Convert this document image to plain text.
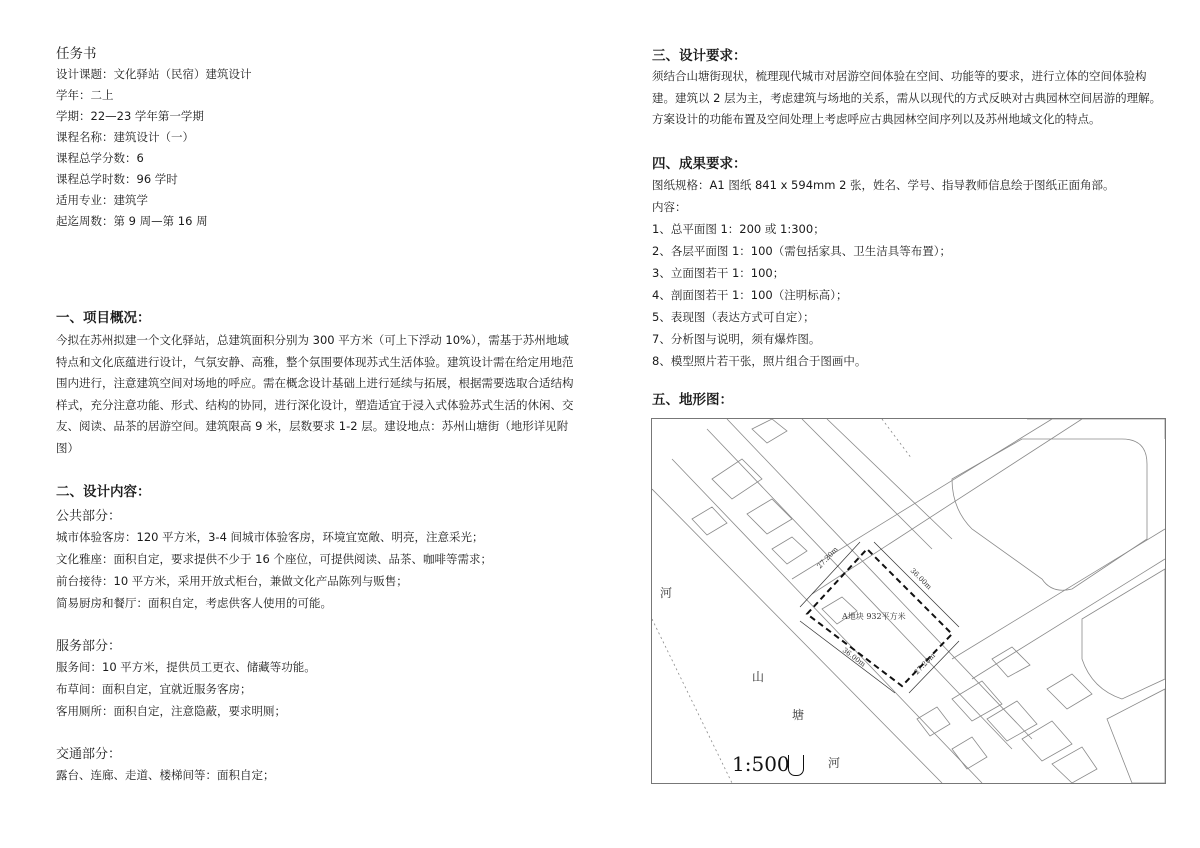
任务书
设计课题：文化驿站（民宿）建筑设计
学年：二上
学期：22—23 学年第一学期
课程名称：建筑设计（一）
课程总学分数：6
课程总学时数：96 学时
适用专业：建筑学
起迄周数：第 9 周—第 16 周
一、项目概况：
今拟在苏州拟建一个文化驿站，总建筑面积分别为 300 平方米（可上下浮动 10%），需基于苏州地域特点和文化底蕴进行设计，气氛安静、高雅，整个氛围要体现苏式生活体验。建筑设计需在给定用地范围内进行，注意建筑空间对场地的呼应。需在概念设计基础上进行延续与拓展，根据需要选取合适结构样式，充分注意功能、形式、结构的协同，进行深化设计，塑造适宜于浸入式体验苏式生活的休闲、交友、阅读、品茶的居游空间。建筑限高 9 米，层数要求 1-2 层。建设地点：苏州山塘街（地形详见附图）
二、设计内容：
公共部分：
城市体验客房：120 平方米，3-4 间城市体验客房，环境宜宽敞、明亮，注意采光；
文化雅座：面积自定，要求提供不少于 16 个座位，可提供阅读、品茶、咖啡等需求；
前台接待：10 平方米，采用开放式柜台，兼做文化产品陈列与贩售；
简易厨房和餐厅：面积自定，考虑供客人使用的可能。
服务部分：
服务间：10 平方米，提供员工更衣、储藏等功能。
布草间：面积自定，宜就近服务客房；
客用厕所：面积自定，注意隐蔽，要求明厕；
交通部分：
露台、连廊、走道、楼梯间等：面积自定；
三、设计要求：
须结合山塘街现状，梳理现代城市对居游空间体验在空间、功能等的要求，进行立体的空间体验构建。建筑以 2 层为主，考虑建筑与场地的关系，需从以现代的方式反映对古典园林空间居游的理解。方案设计的功能布置及空间处理上考虑呼应古典园林空间序列以及苏州地域文化的特点。
四、成果要求：
图纸规格：A1 图纸 841 x 594mm 2 张，姓名、学号、指导教师信息绘于图纸正面角部。
内容：
1、总平面图 1：200 或 1:300；
2、各层平面图 1：100（需包括家具、卫生洁具等布置）；
3、立面图若干 1：100；
4、剖面图若干 1：100（注明标高）；
5、表现图（表达方式可自定）；
7、分析图与说明，须有爆炸图。
8、模型照片若干张，照片组合于图画中。
五、地形图：
A地块 932平方米
27.20m
36.00m
36.00m	27.20m
河
山
塘
河
1:500
